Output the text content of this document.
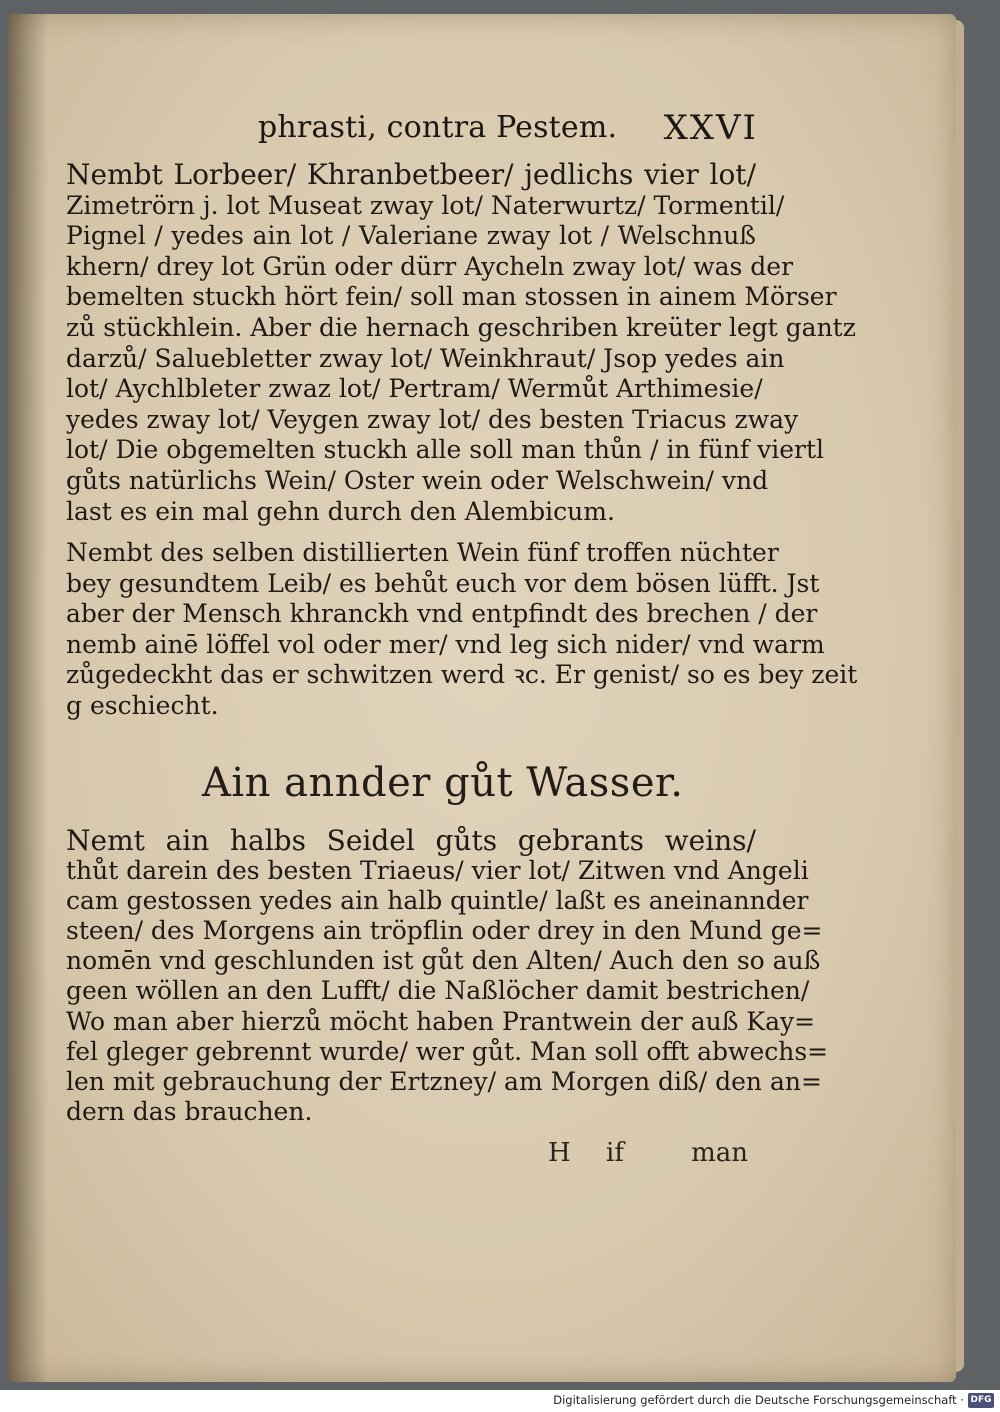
phrasti, contra Pestem. XXVI
Nembt Lorbeer/ Khranbetbeer/ jedlichs vier lot/
Zimetrörn j. lot Museat zway lot/ Naterwurtz/ Tormentil/
Pignel / yedes ain lot / Valeriane zway lot / Welschnuß
khern/ drey lot Grün oder dürr Aycheln zway lot/ was der
bemelten stuckh hört fein/ soll man stossen in ainem Mörser
zů stückhlein. Aber die hernach geschriben kreüter legt gantz
darzů/ Saluebletter zway lot/ Weinkhraut/ Jsop yedes ain
lot/ Aychlbleter zwaz lot/ Pertram/ Wermůt Arthimesie/
yedes zway lot/ Veygen zway lot/ des besten Triacus zway
lot/ Die obgemelten stuckh alle soll man thůn / in fünf viertl
gůts natürlichs Wein/ Oster wein oder Welschwein/ vnd
last es ein mal gehn durch den Alembicum.
Nembt des selben distillierten Wein fünf troffen nüchter
bey gesundtem Leib/ es behůt euch vor dem bösen lüfft. Jst
aber der Mensch khranckh vnd entpfindt des brechen / der
nemb ainē löffel vol oder mer/ vnd leg sich nider/ vnd warm
zůgedeckht das er schwitzen werd ꝛc. Er genist/ so es bey zeit
g eschiecht.
Ain annder gůt Wasser.
Nemt ain halbs Seidel gůts gebrants weins/
thůt darein des besten Triaeus/ vier lot/ Zitwen vnd Angeli
cam gestossen yedes ain halb quintle/ laßt es aneinannder
steen/ des Morgens ain tröpflin oder drey in den Mund ge=
nomēn vnd geschlunden ist gůt den Alten/ Auch den so auß
geen wöllen an den Lufft/ die Naßlöcher damit bestrichen/
Wo man aber hierzů möcht haben Prantwein der auß Kay=
fel gleger gebrennt wurde/ wer gůt. Man soll offt abwechs=
len mit gebrauchung der Ertzney/ am Morgen diß/ den an=
dern das brauchen.
H if	man
Digitalisierung gefördert durch die Deutsche Forschungsgemeinschaft · DFG
